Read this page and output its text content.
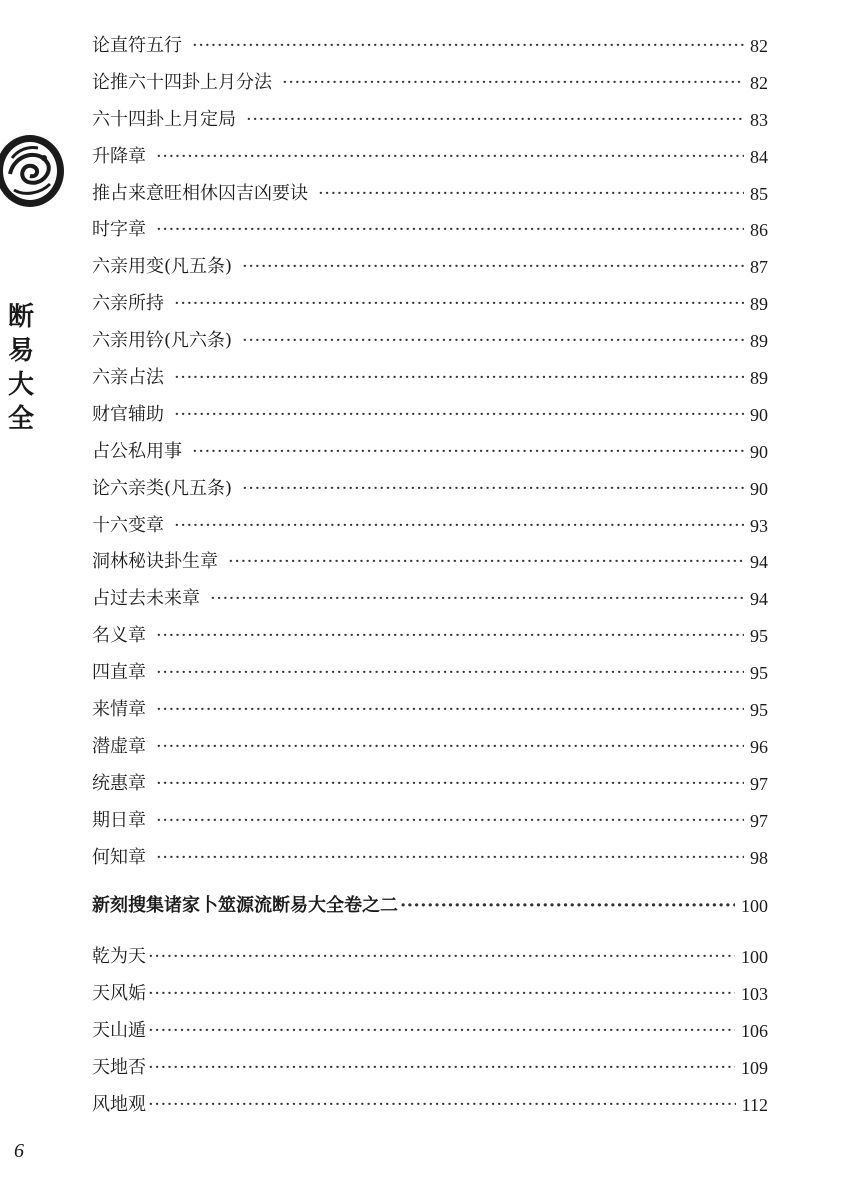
断
易
大
全
论直符五行 ·····	82
论推六十四卦上月分法 ·····	82
六十四卦上月定局 ·····	83
升降章 ·····	84
推占来意旺相休囚吉凶要诀 ·····	85
时字章 ·····	86
六亲用变(凡五条) ·····	87
六亲所持 ·····	89
六亲用钤(凡六条) ·····	89
六亲占法 ·····	89
财官辅助 ·····	90
占公私用事 ·····	90
论六亲类(凡五条) ·····	90
十六变章 ·····	93
洞林秘诀卦生章 ·····	94
占过去未来章 ·····	94
名义章 ·····	95
四直章 ·····	95
来情章 ·····	95
潜虚章 ·····	96
统惠章 ·····	97
期日章 ·····	97
何知章 ·····	98
新刻搜集诸家卜筮源流断易大全卷之二 ·····	100
乾为天 ·····	100
天风姤 ·····	103
天山遁 ·····	106
天地否 ·····	109
风地观 ·····	112
6
